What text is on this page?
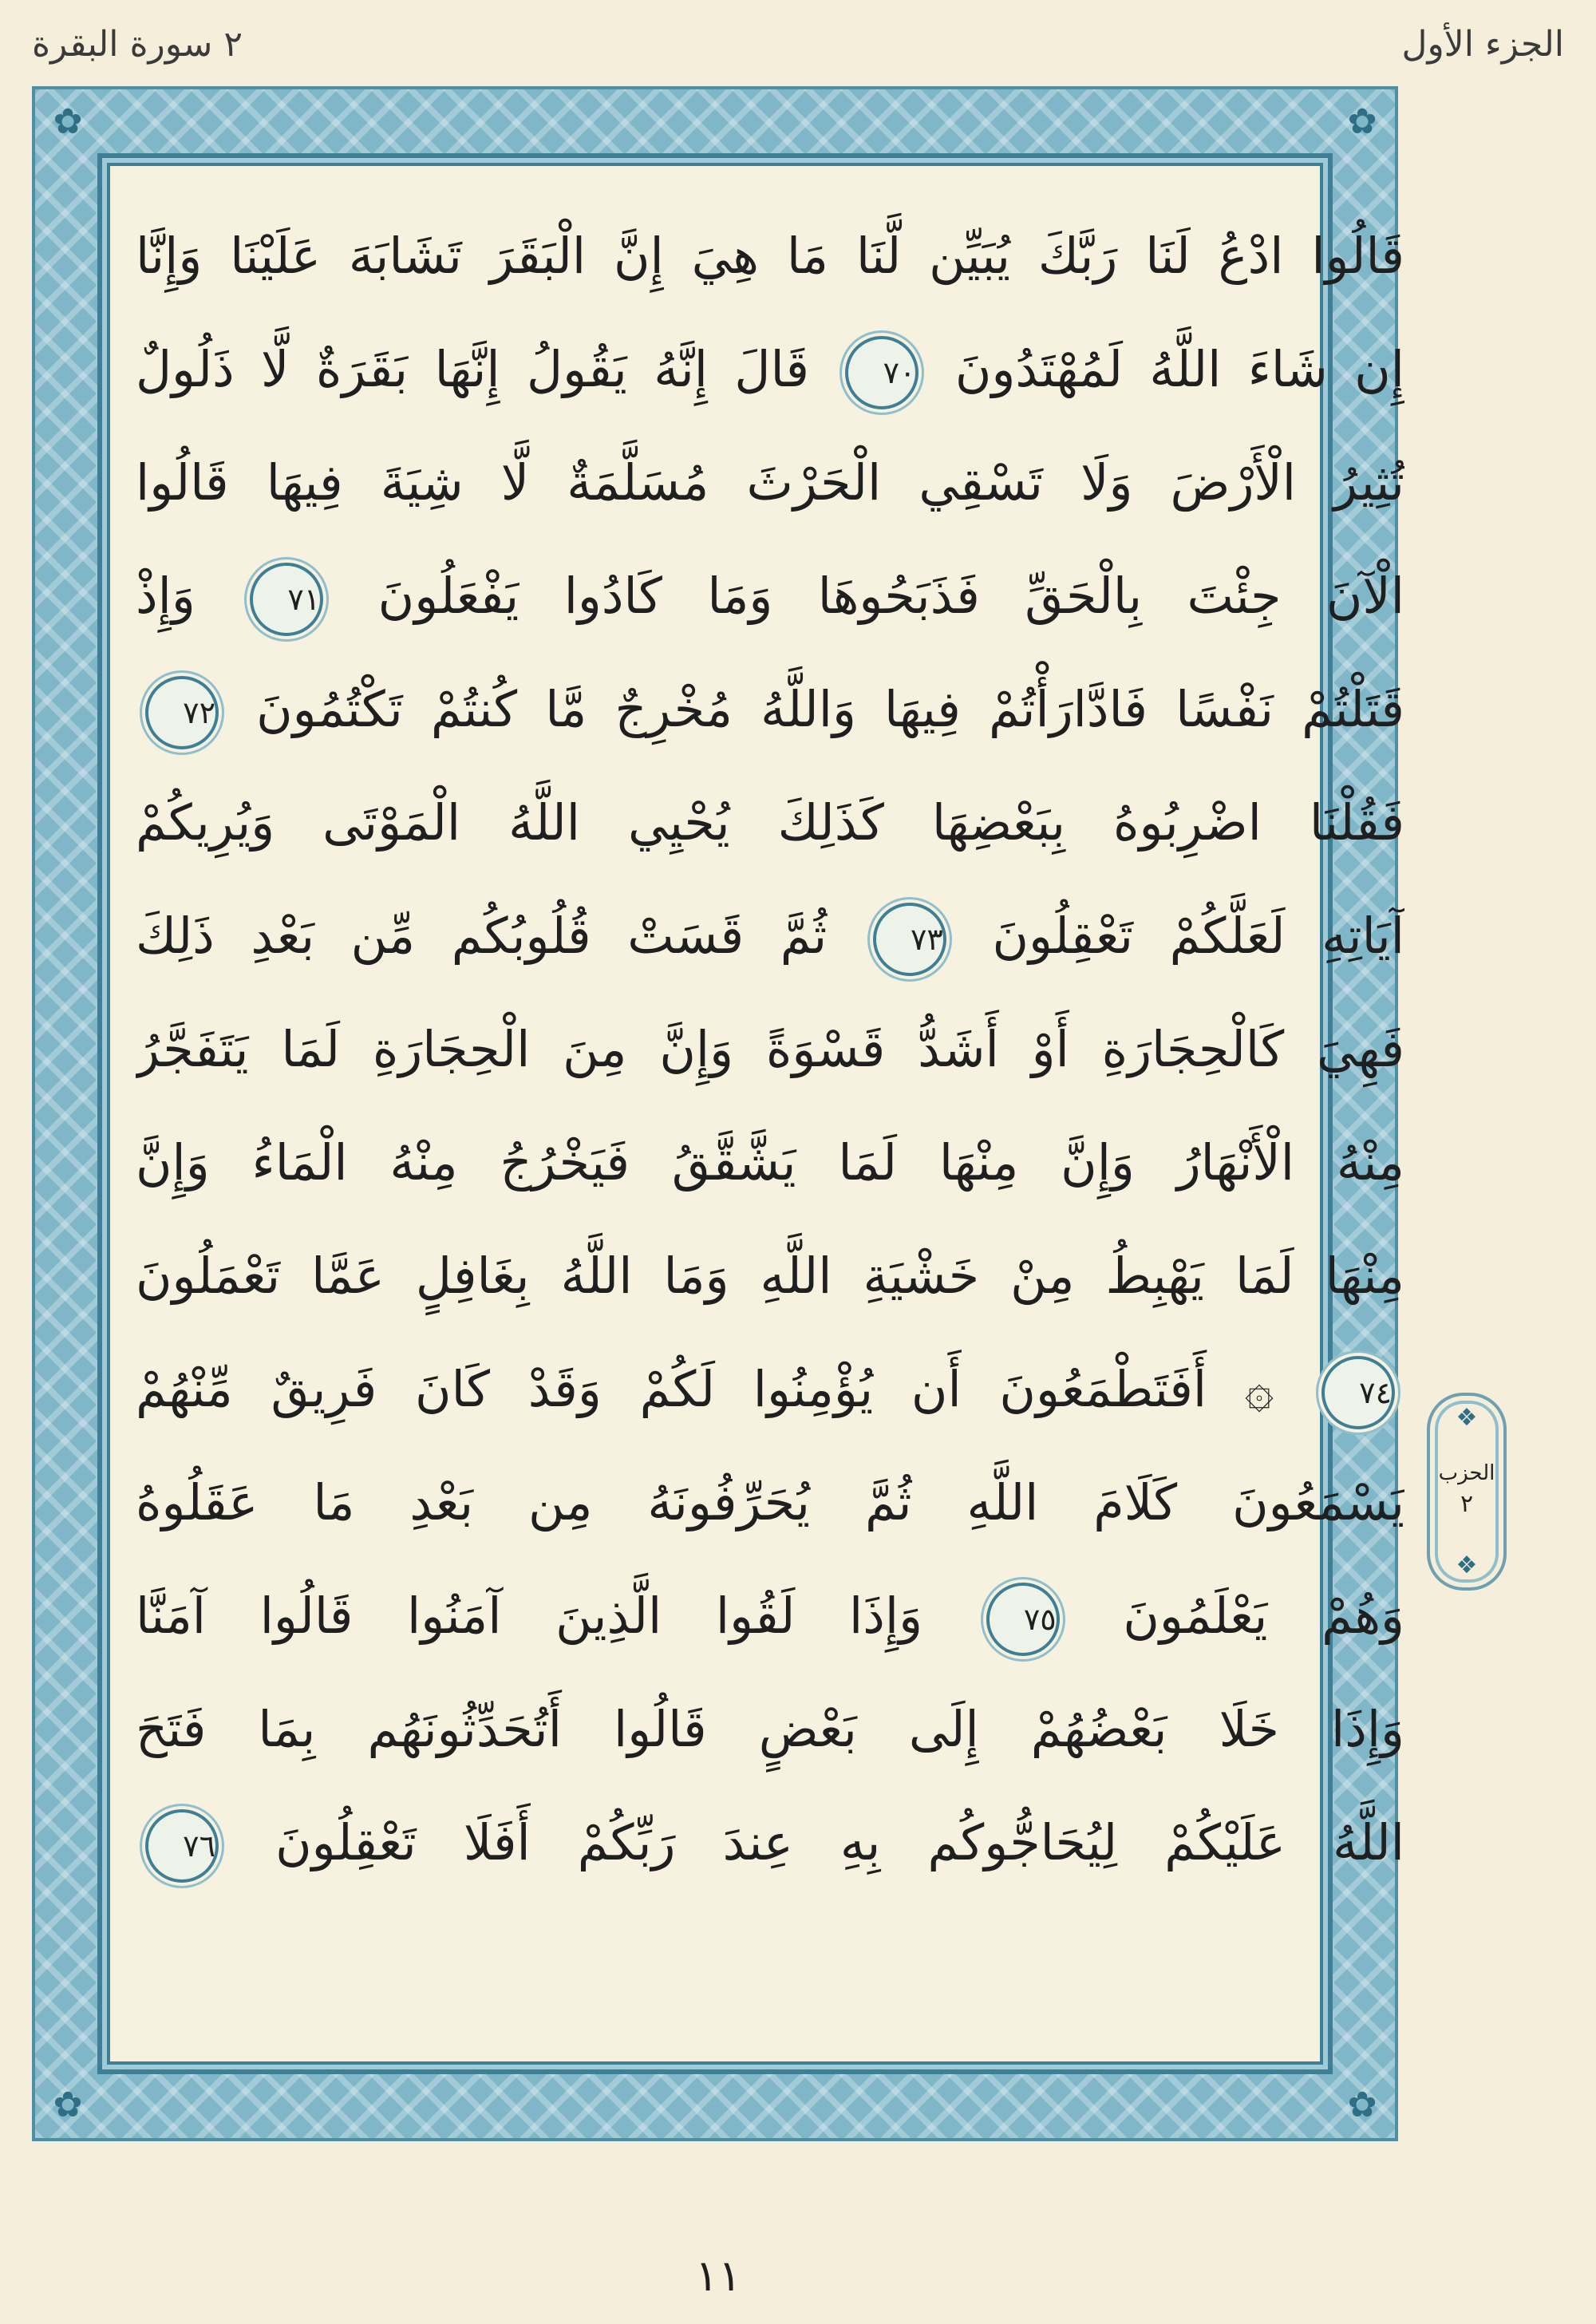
الجزء الأول
٢ سورة البقرة
✿	✿
✿	✿
قَالُوا ادْعُ لَنَا رَبَّكَ يُبَيِّن لَّنَا مَا هِيَ إِنَّ الْبَقَرَ تَشَابَهَ عَلَيْنَا وَإِنَّا
إِن شَاءَ اللَّهُ لَمُهْتَدُونَ ٧٠ قَالَ إِنَّهُ يَقُولُ إِنَّهَا بَقَرَةٌ لَّا ذَلُولٌ
تُثِيرُ الْأَرْضَ وَلَا تَسْقِي الْحَرْثَ مُسَلَّمَةٌ لَّا شِيَةَ فِيهَا قَالُوا
الْآنَ جِئْتَ بِالْحَقِّ فَذَبَحُوهَا وَمَا كَادُوا يَفْعَلُونَ ٧١ وَإِذْ
قَتَلْتُمْ نَفْسًا فَادَّارَأْتُمْ فِيهَا وَاللَّهُ مُخْرِجٌ مَّا كُنتُمْ تَكْتُمُونَ ٧٢
فَقُلْنَا اضْرِبُوهُ بِبَعْضِهَا كَذَلِكَ يُحْيِي اللَّهُ الْمَوْتَى وَيُرِيكُمْ
آيَاتِهِ لَعَلَّكُمْ تَعْقِلُونَ ٧٣ ثُمَّ قَسَتْ قُلُوبُكُم مِّن بَعْدِ ذَلِكَ
فَهِيَ كَالْحِجَارَةِ أَوْ أَشَدُّ قَسْوَةً وَإِنَّ مِنَ الْحِجَارَةِ لَمَا يَتَفَجَّرُ
مِنْهُ الْأَنْهَارُ وَإِنَّ مِنْهَا لَمَا يَشَّقَّقُ فَيَخْرُجُ مِنْهُ الْمَاءُ وَإِنَّ
مِنْهَا لَمَا يَهْبِطُ مِنْ خَشْيَةِ اللَّهِ وَمَا اللَّهُ بِغَافِلٍ عَمَّا تَعْمَلُونَ
٧٤ ۞ أَفَتَطْمَعُونَ أَن يُؤْمِنُوا لَكُمْ وَقَدْ كَانَ فَرِيقٌ مِّنْهُمْ
يَسْمَعُونَ كَلَامَ اللَّهِ ثُمَّ يُحَرِّفُونَهُ مِن بَعْدِ مَا عَقَلُوهُ
وَهُمْ يَعْلَمُونَ ٧٥ وَإِذَا لَقُوا الَّذِينَ آمَنُوا قَالُوا آمَنَّا
وَإِذَا خَلَا بَعْضُهُمْ إِلَى بَعْضٍ قَالُوا أَتُحَدِّثُونَهُم بِمَا فَتَحَ
اللَّهُ عَلَيْكُمْ لِيُحَاجُّوكُم بِهِ عِندَ رَبِّكُمْ أَفَلَا تَعْقِلُونَ ٧٦
❖
الحزب
٢
❖
١١
